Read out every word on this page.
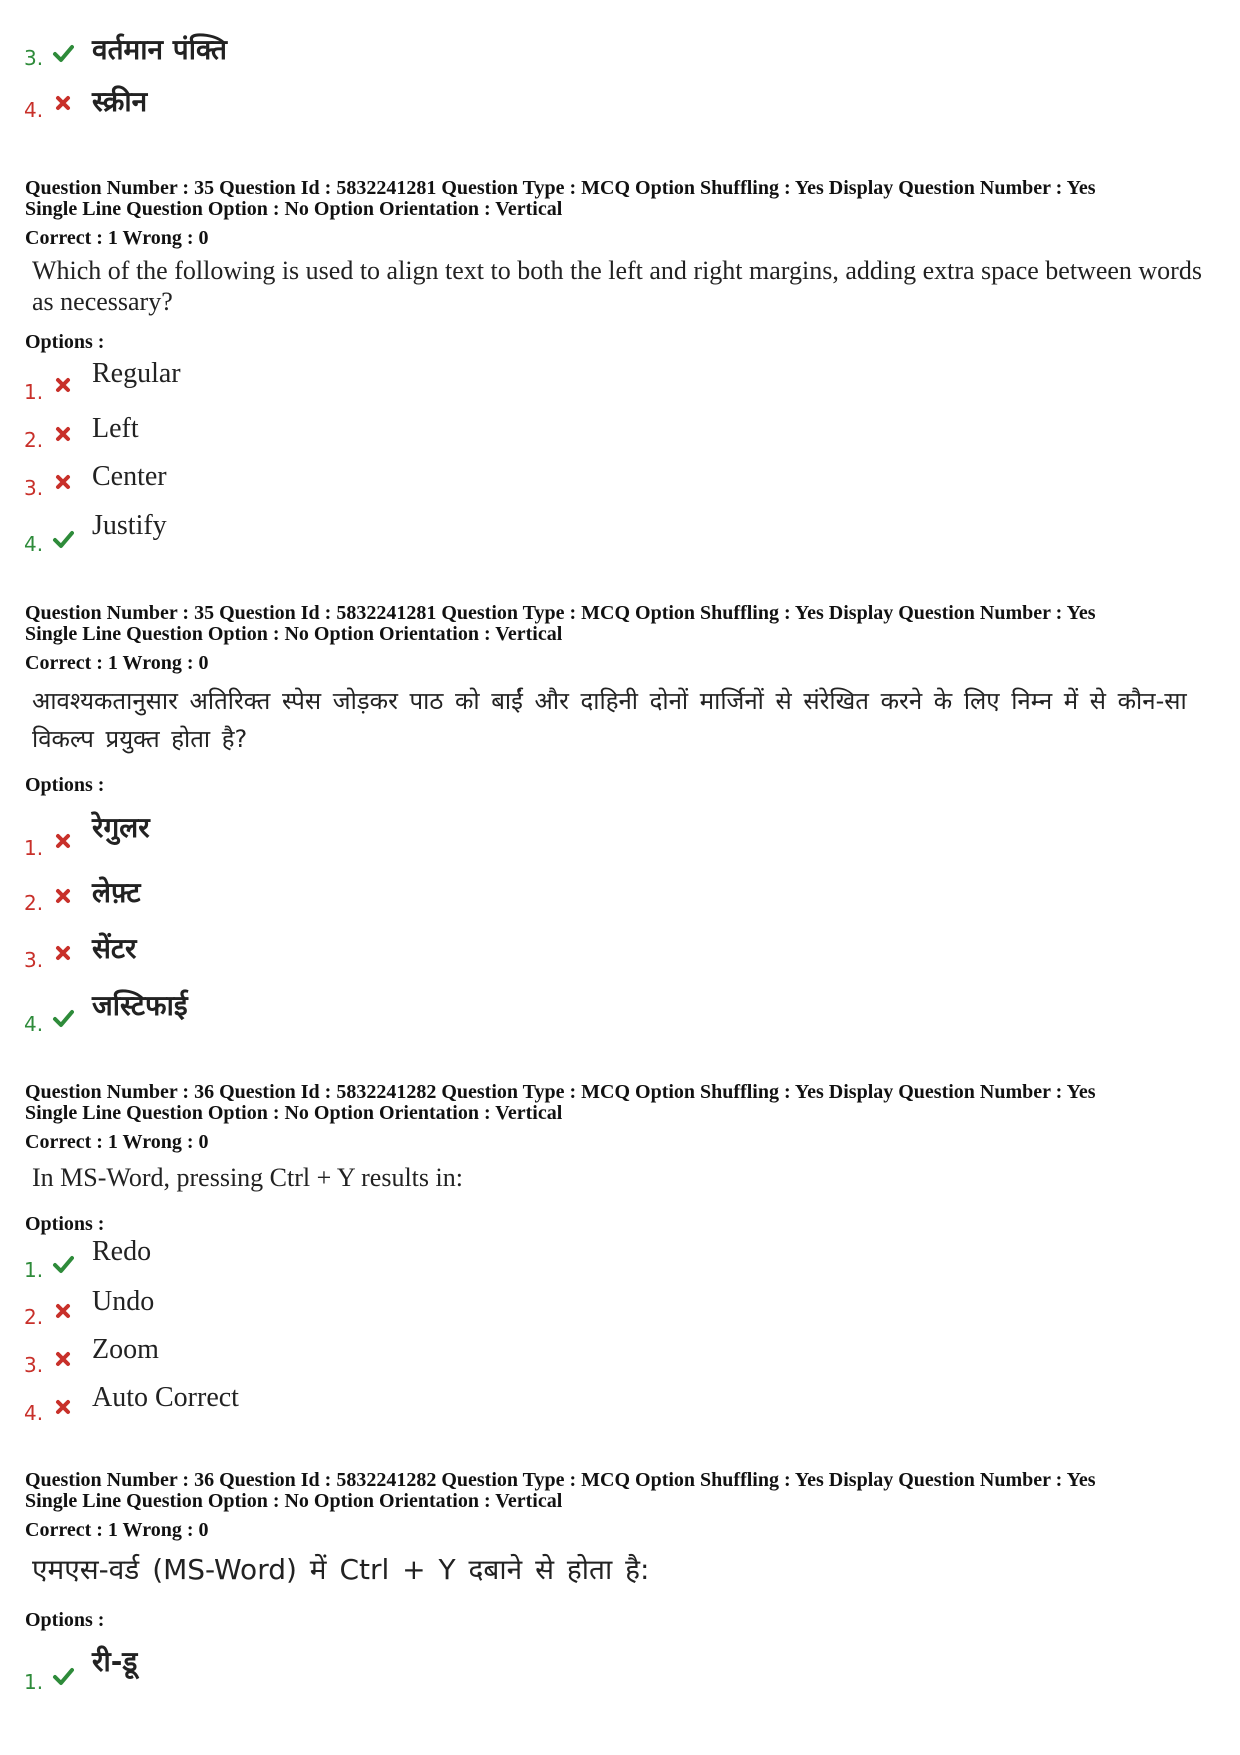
3. वर्तमान पंक्ति
4. स्क्रीन
Question Number : 35 Question Id : 5832241281 Question Type : MCQ Option Shuffling : Yes Display Question Number : Yes
Single Line Question Option : No Option Orientation : Vertical
Correct : 1 Wrong : 0
Which of the following is used to align text to both the left and right margins, adding extra space between words as necessary?
Options :
1.
Regular
2. Left
3. Center
4.
Justify
Question Number : 35 Question Id : 5832241281 Question Type : MCQ Option Shuffling : Yes Display Question Number : Yes
Single Line Question Option : No Option Orientation : Vertical
Correct : 1 Wrong : 0
आवश्यकतानुसार अतिरिक्त स्पेस जोड़कर पाठ को बाईं और दाहिनी दोनों मार्जिनों से संरेखित करने के लिए निम्न में से कौन-सा विकल्प प्रयुक्त होता है?
Options :
1.
रेगुलर
2. लेफ़्ट
3. सेंटर
4.
जस्टिफाई
Question Number : 36 Question Id : 5832241282 Question Type : MCQ Option Shuffling : Yes Display Question Number : Yes
Single Line Question Option : No Option Orientation : Vertical
Correct : 1 Wrong : 0
In MS-Word, pressing Ctrl + Y results in:
Options :
1.
Redo
2. Undo
3. Zoom
4. Auto Correct
Question Number : 36 Question Id : 5832241282 Question Type : MCQ Option Shuffling : Yes Display Question Number : Yes
Single Line Question Option : No Option Orientation : Vertical
Correct : 1 Wrong : 0
एमएस-वर्ड (MS-Word) में Ctrl + Y दबाने से होता है:
Options :
1.
री-डू
